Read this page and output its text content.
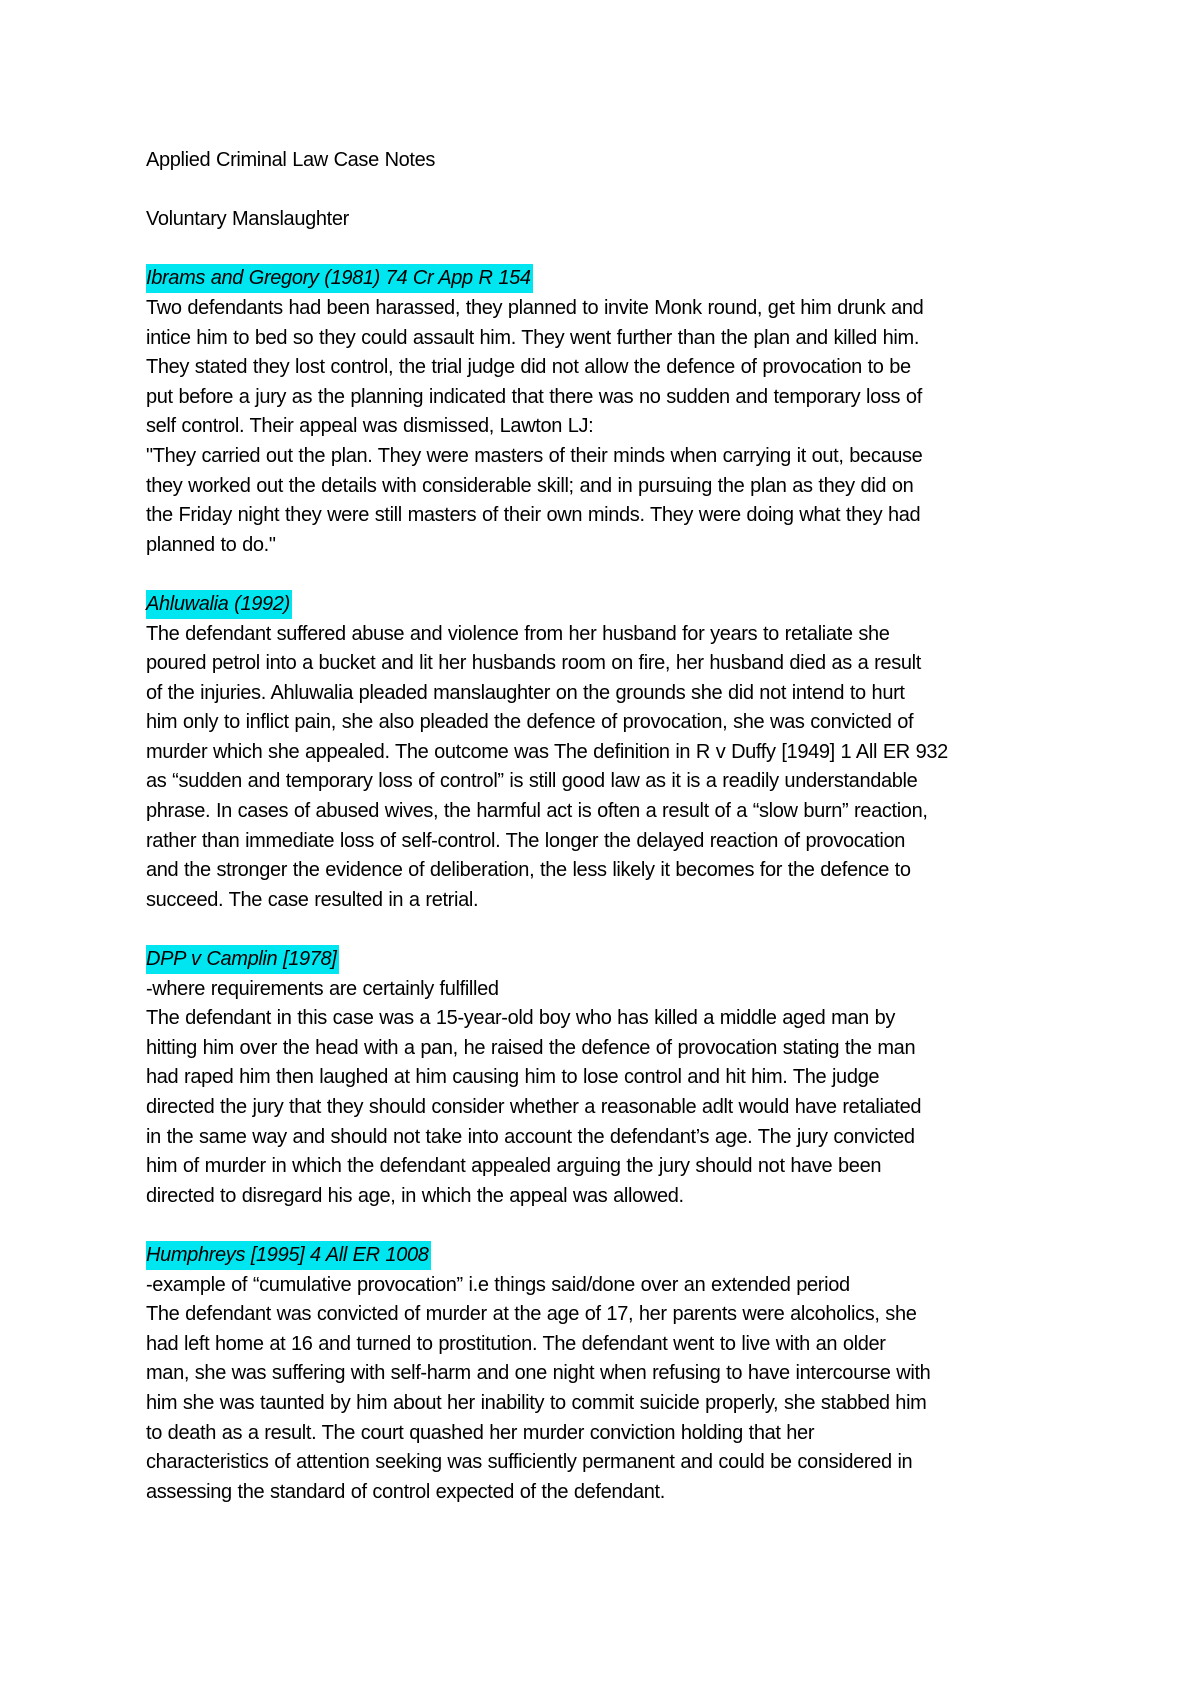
Applied Criminal Law Case Notes
Voluntary Manslaughter
Ibrams and Gregory (1981) 74 Cr App R 154
Two defendants had been harassed, they planned to invite Monk round, get him drunk and
intice him to bed so they could assault him. They went further than the plan and killed him.
They stated they lost control, the trial judge did not allow the defence of provocation to be
put before a jury as the planning indicated that there was no sudden and temporary loss of
self control. Their appeal was dismissed, Lawton LJ:
"They carried out the plan. They were masters of their minds when carrying it out, because
they worked out the details with considerable skill; and in pursuing the plan as they did on
the Friday night they were still masters of their own minds. They were doing what they had
planned to do."
Ahluwalia (1992)
The defendant suffered abuse and violence from her husband for years to retaliate she
poured petrol into a bucket and lit her husbands room on fire, her husband died as a result
of the injuries. Ahluwalia pleaded manslaughter on the grounds she did not intend to hurt
him only to inflict pain, she also pleaded the defence of provocation, she was convicted of
murder which she appealed. The outcome was The definition in R v Duffy [1949] 1 All ER 932
as “sudden and temporary loss of control” is still good law as it is a readily understandable
phrase. In cases of abused wives, the harmful act is often a result of a “slow burn” reaction,
rather than immediate loss of self-control. The longer the delayed reaction of provocation
and the stronger the evidence of deliberation, the less likely it becomes for the defence to
succeed. The case resulted in a retrial.
DPP v Camplin [1978]
-where requirements are certainly fulfilled
The defendant in this case was a 15-year-old boy who has killed a middle aged man by
hitting him over the head with a pan, he raised the defence of provocation stating the man
had raped him then laughed at him causing him to lose control and hit him. The judge
directed the jury that they should consider whether a reasonable adlt would have retaliated
in the same way and should not take into account the defendant’s age. The jury convicted
him of murder in which the defendant appealed arguing the jury should not have been
directed to disregard his age, in which the appeal was allowed.
Humphreys [1995] 4 All ER 1008
-example of “cumulative provocation” i.e things said/done over an extended period
The defendant was convicted of murder at the age of 17, her parents were alcoholics, she
had left home at 16 and turned to prostitution. The defendant went to live with an older
man, she was suffering with self-harm and one night when refusing to have intercourse with
him she was taunted by him about her inability to commit suicide properly, she stabbed him
to death as a result. The court quashed her murder conviction holding that her
characteristics of attention seeking was sufficiently permanent and could be considered in
assessing the standard of control expected of the defendant.
